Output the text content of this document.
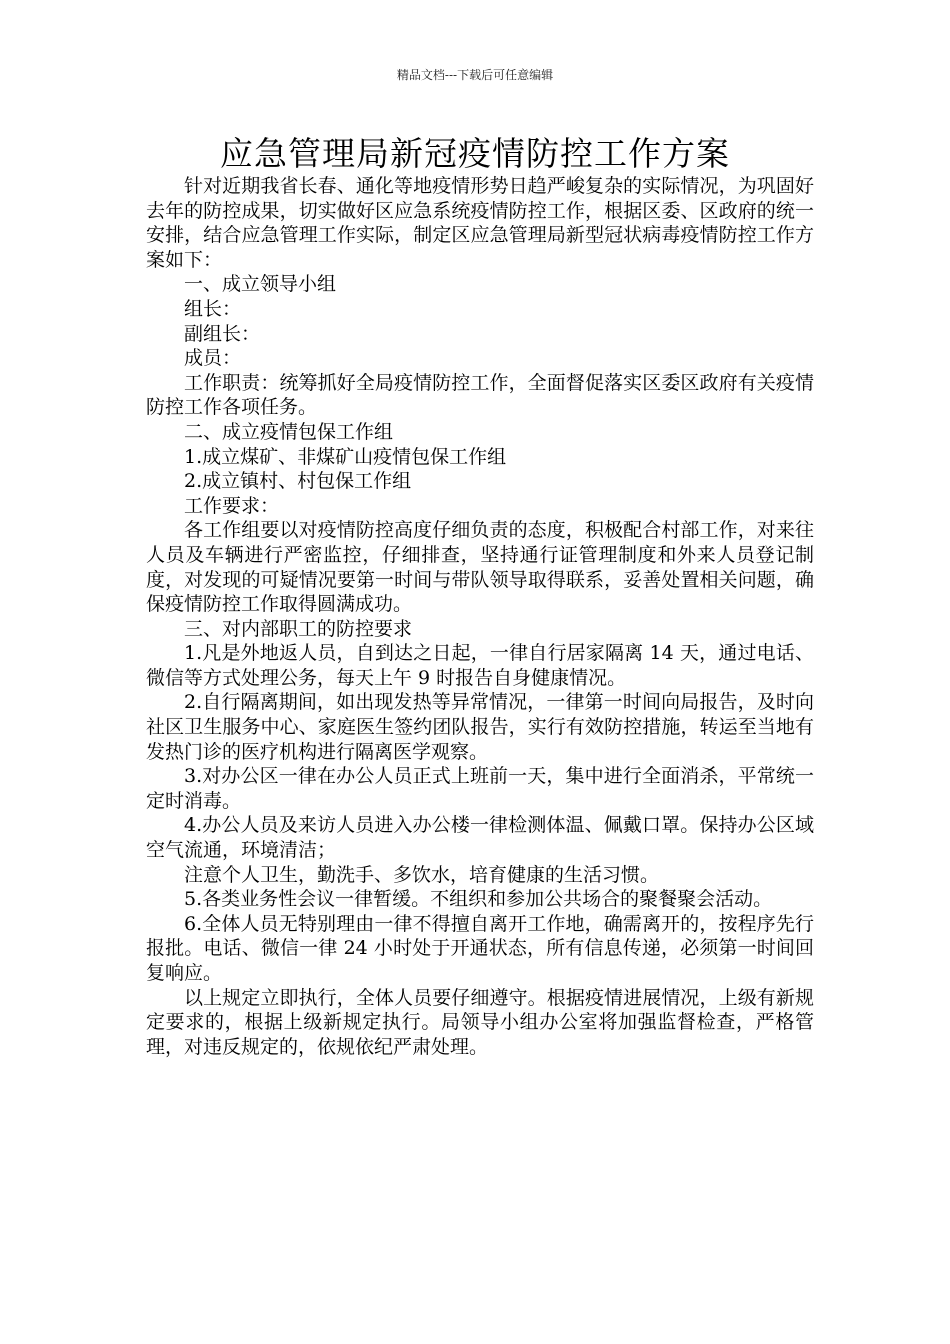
精品文档---下载后可任意编辑
应急管理局新冠疫情防控工作方案

针对近期我省长春、通化等地疫情形势日趋严峻复杂的实际情况，为巩固好去年的防控成果，切实做好区应急系统疫情防控工作，根据区委、区政府的统一安排，结合应急管理工作实际，制定区应急管理局新型冠状病毒疫情防控工作方案如下：

一、成立领导小组

组长：

副组长：

成员：

工作职责：统筹抓好全局疫情防控工作，全面督促落实区委区政府有关疫情防控工作各项任务。

二、成立疫情包保工作组

1.成立煤矿、非煤矿山疫情包保工作组

2.成立镇村、村包保工作组

工作要求：

各工作组要以对疫情防控高度仔细负责的态度，积极配合村部工作，对来往人员及车辆进行严密监控，仔细排查，坚持通行证管理制度和外来人员登记制度，对发现的可疑情况要第一时间与带队领导取得联系，妥善处置相关问题，确保疫情防控工作取得圆满成功。

三、对内部职工的防控要求

1.凡是外地返人员，自到达之日起，一律自行居家隔离 14 天，通过电话、微信等方式处理公务，每天上午 9 时报告自身健康情况。

2.自行隔离期间，如出现发热等异常情况，一律第一时间向局报告，及时向社区卫生服务中心、家庭医生签约团队报告，实行有效防控措施，转运至当地有发热门诊的医疗机构进行隔离医学观察。

3.对办公区一律在办公人员正式上班前一天，集中进行全面消杀，平常统一定时消毒。

4.办公人员及来访人员进入办公楼一律检测体温、佩戴口罩。保持办公区域空气流通，环境清洁；

注意个人卫生，勤洗手、多饮水，培育健康的生活习惯。

5.各类业务性会议一律暂缓。不组织和参加公共场合的聚餐聚会活动。

6.全体人员无特别理由一律不得擅自离开工作地，确需离开的，按程序先行报批。电话、微信一律 24 小时处于开通状态，所有信息传递，必须第一时间回复响应。

以上规定立即执行，全体人员要仔细遵守。根据疫情进展情况，上级有新规定要求的，根据上级新规定执行。局领导小组办公室将加强监督检查，严格管理，对违反规定的，依规依纪严肃处理。
